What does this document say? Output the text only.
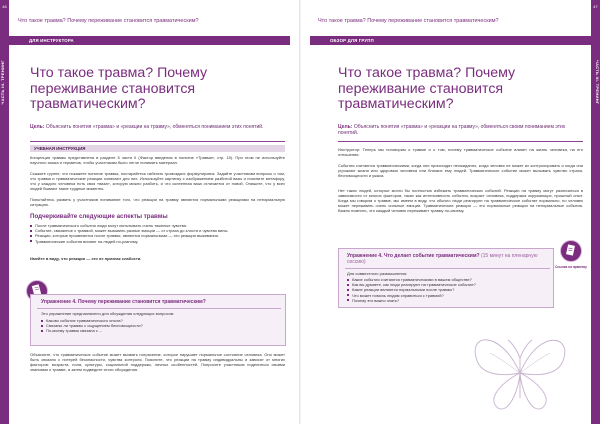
46
ЧАСТЬ III. ТРЕНИНГ
Что такое травма? Почему переживание становится травматическим?
ДЛЯ ИНСТРУКТОРА
Что такое травма? Почему переживание становится травматическим?

Цель: Объяснить понятия «травма» и «реакции на травму», обменяться пониманием этих понятий.

УЧЕБНАЯ ИНСТРУКЦИЯ

Концепция травмы представлена в разделе 5 части II (Фактор введения в понятие «Травма», стр. 15). При этом не используйте научного языка и терминов, чтобы участникам было легче понимать материал.

Скажите группе, что покажете понятие травмы, постарайтесь избегать громоздких формулировок. Задайте участникам вопросы о том, что травма и травматические реакции означают для них. Используйте картинку с изображением разбитой вазы и поясните метафору, что у каждого человека есть своя «ваза», которую можно разбить, и что склеенная ваза отличается от новой. Опишите, что у всех людей бывают такие трудные моменты.

Попытайтесь развить у участников понимание того, что реакции на травму являются нормальными реакциями на ненормальную ситуацию.

Подчеркивайте следующие аспекты травмы
После травматического события люди могут испытывать очень тяжелые чувства.
Событие, связанное с травмой, может вызывать разные эмоции — от страха до злости и чувства вины.
Реакции, которые проявляются после травмы, являются нормальными — это реакции выживания.
Травматические события влияют на людей по-разному.

Имейте в виду, что реакции — это не признак слабости.

Упражнение 4. Почему переживание становится травматическим?

Это упражнение предназначено для обсуждения следующих вопросов:

Каково событие травматического опыта?
Связаны ли травмы с ощущением беспомощности?
По-моему травма связана с ...

Объясните, что травматическое событие может вызвать потрясение, которое нарушает нормальное состояние человека. Оно может быть связано с потерей безопасности, чувства контроля. Поясните, что реакции на травму индивидуальны и зависят от многих факторов: возраста, пола, культуры, социальной поддержки, личных особенностей. Попросите участников поделиться своими знаниями о травме, а затем подведите итоги обсуждения.

47
ЧАСТЬ III. ТРЕНИНГ
Что такое травма? Почему переживание становится травматическим?
ОБЗОР ДЛЯ ГРУПП
Что такое травма? Почему переживание становится травматическим?

Цель: Объяснить понятия «травма» и «реакции на травму», обменяться своим пониманием этих понятий.

Инструктор: Теперь мы поговорим о травме и о том, почему травматическое событие влияет на жизнь человека, на его отношения.

События считаются травматическими, когда они происходят неожиданно, когда человек не может их контролировать и когда они угрожают жизни или здоровью человека или близких ему людей. Травматическое событие может вызывать чувство страха, беспомощности и ужаса.

Нет таких людей, которые могли бы полностью избежать травматических событий. Реакции на травму могут различаться в зависимости от многих факторов, таких как интенсивность события, возраст человека, поддержка окружающих, прошлый опыт. Когда мы говорим о травме, мы имеем в виду, что обычно люди реагируют на травматическое событие нормально, но человек может переживать очень сильные эмоции. Травматические реакции — это нормальные реакции на ненормальные события. Важно помнить, что каждый человек переживает травму по-своему.

Ссылка на практику
Упражнение 4. Что делает событие травматическим? (15 минут на пленарную сессию)

Для совместного размышления:

Какие события считаются травматическими в вашем обществе?
Как вы думаете, как люди реагируют на травматическое событие?
Какие реакции являются нормальными после травмы?
Что может помочь людям справиться с травмой?
Почему это важно знать?
